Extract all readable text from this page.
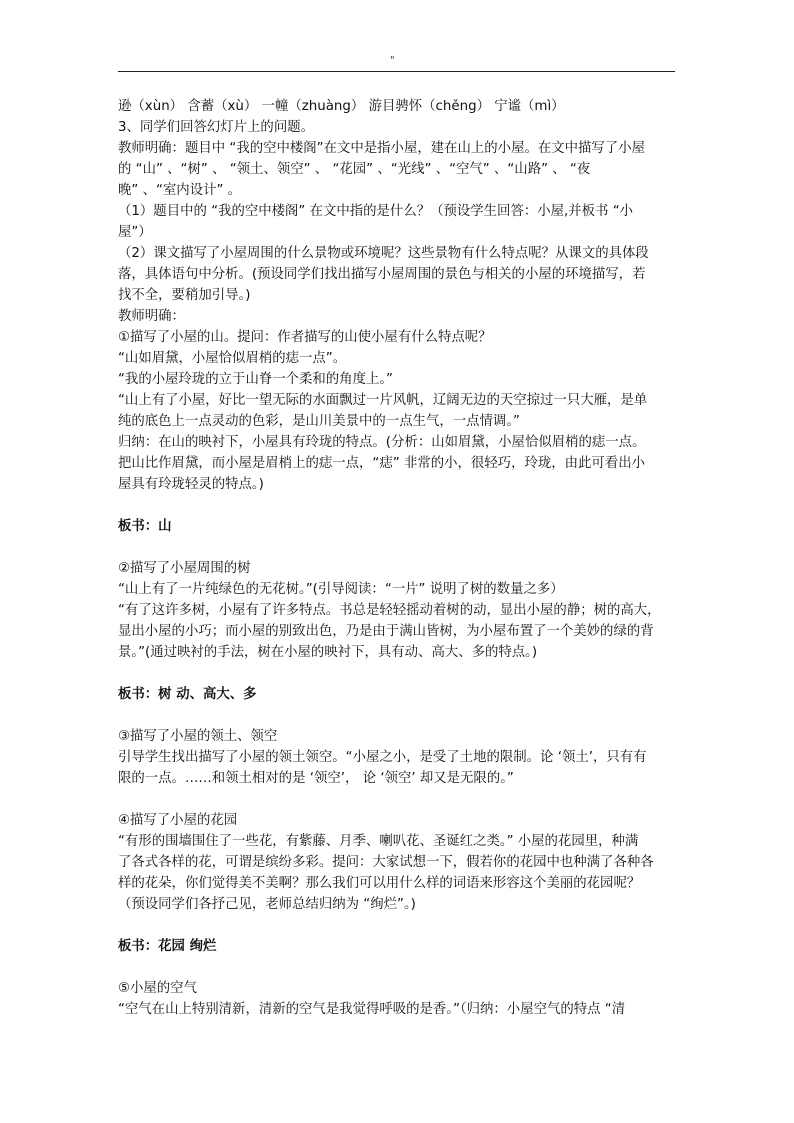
"

逊（xùn） 含蓄（xù） 一幢（zhuàng） 游目骋怀（chěng） 宁谧（mì）

3、同学们回答幻灯片上的问题。

教师明确：题目中 “我的空中楼阁”在文中是指小屋，建在山上的小屋。在文中描写了小屋

的 “山” 、“树” 、 “领土、领空” 、 “花园” 、“光线” 、“空气” 、“山路” 、 “夜

晚” 、“室内设计” 。

（1）题目中的 “我的空中楼阁” 在文中指的是什么？（预设学生回答：小屋,并板书 “小

屋”）

（2）课文描写了小屋周围的什么景物或环境呢？这些景物有什么特点呢？从课文的具体段

落，具体语句中分析。(预设同学们找出描写小屋周围的景色与相关的小屋的环境描写，若

找不全，要稍加引导。)

教师明确：

①描写了小屋的山。提问：作者描写的山使小屋有什么特点呢？

“山如眉黛，小屋恰似眉梢的痣一点”。

“我的小屋玲珑的立于山脊一个柔和的角度上。”

“山上有了小屋，好比一望无际的水面飘过一片风帆，辽阔无边的天空掠过一只大雁，是单

纯的底色上一点灵动的色彩，是山川美景中的一点生气，一点情调。”

归纳：在山的映衬下，小屋具有玲珑的特点。(分析：山如眉黛，小屋恰似眉梢的痣一点。

把山比作眉黛，而小屋是眉梢上的痣一点，“痣” 非常的小，很轻巧，玲珑，由此可看出小

屋具有玲珑轻灵的特点。)

板书：山

②描写了小屋周围的树

“山上有了一片纯绿色的无花树。”(引导阅读：“一片” 说明了树的数量之多）

“有了这许多树，小屋有了许多特点。书总是轻轻摇动着树的动，显出小屋的静；树的高大，

显出小屋的小巧；而小屋的别致出色，乃是由于满山皆树，为小屋布置了一个美妙的绿的背

景。”(通过映衬的手法，树在小屋的映衬下，具有动、高大、多的特点。)

板书：树 动、高大、多

③描写了小屋的领土、领空

引导学生找出描写了小屋的领土领空。“小屋之小，是受了土地的限制。论 ‘领土’，只有有

限的一点。……和领土相对的是 ‘领空’， 论 ‘领空’ 却又是无限的。”

④描写了小屋的花园

“有形的围墙围住了一些花，有紫藤、月季、喇叭花、圣诞红之类。” 小屋的花园里，种满

了各式各样的花，可谓是缤纷多彩。提问：大家试想一下，假若你的花园中也种满了各种各

样的花朵，你们觉得美不美啊？那么我们可以用什么样的词语来形容这个美丽的花园呢？

（预设同学们各抒己见，老师总结归纳为 “绚烂”。)

板书：花园 绚烂

⑤小屋的空气

“空气在山上特别清新，清新的空气是我觉得呼吸的是香。”（归纳：小屋空气的特点 “清
